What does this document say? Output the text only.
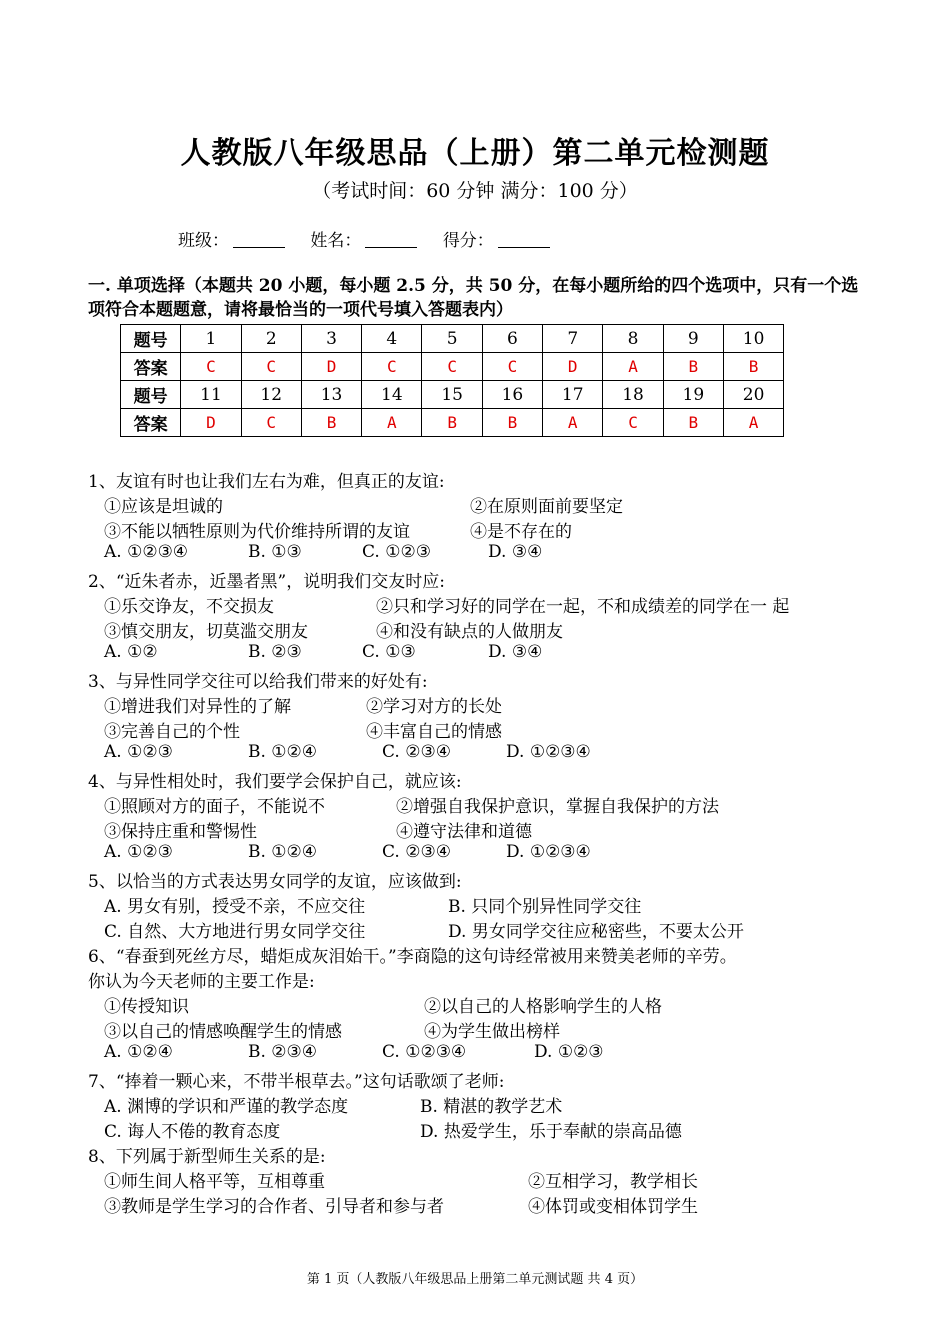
人教版八年级思品（上册）第二单元检测题
（考试时间：60 分钟 满分：100 分）
班级：	姓名：	得分：
一. 单项选择（本题共 20 小题，每小题 2.5 分，共 50 分，在每小题所给的四个选项中，只有一个选项符合本题题意，请将最恰当的一项代号填入答题表内）
题号	1	2	3	4	5	6	7	8	9	10
答案	C	C	D	C	C	C	D	A	B	B
题号	11	12	13	14	15	16	17	18	19	20
答案	D	C	B	A	B	B	A	C	B	A
1、友谊有时也让我们左右为难，但真正的友谊:
①应该是坦诚的	②在原则面前要坚定
③不能以牺牲原则为代价维持所谓的友谊	④是不存在的
A. ①②③④	B. ①③	C. ①②③	D. ③④
2、“近朱者赤，近墨者黑”，说明我们交友时应:
①乐交诤友，不交损友	②只和学习好的同学在一起，不和成绩差的同学在一 起
③慎交朋友，切莫滥交朋友	④和没有缺点的人做朋友
A. ①②	B. ②③	C. ①③	D. ③④
3、与异性同学交往可以给我们带来的好处有:
①增进我们对异性的了解	②学习对方的长处
③完善自己的个性	④丰富自己的情感
A. ①②③	B. ①②④	C. ②③④	D. ①②③④
4、与异性相处时，我们要学会保护自己，就应该:
①照顾对方的面子，不能说不	②增强自我保护意识，掌握自我保护的方法
③保持庄重和警惕性	④遵守法律和道德
A. ①②③	B. ①②④	C. ②③④	D. ①②③④
5、以恰当的方式表达男女同学的友谊，应该做到:
A. 男女有别，授受不亲，不应交往	B. 只同个别异性同学交往
C. 自然、大方地进行男女同学交往	D. 男女同学交往应秘密些，不要太公开
6、“春蚕到死丝方尽，蜡炬成灰泪始干。”李商隐的这句诗经常被用来赞美老师的辛劳。
你认为今天老师的主要工作是:
①传授知识	②以自己的人格影响学生的人格
③以自己的情感唤醒学生的情感	④为学生做出榜样
A. ①②④	B. ②③④	C. ①②③④	D. ①②③
7、“捧着一颗心来，不带半根草去。”这句话歌颂了老师:
A. 渊博的学识和严谨的教学态度	B. 精湛的教学艺术
C. 诲人不倦的教育态度	D. 热爱学生，乐于奉献的崇高品德
8、下列属于新型师生关系的是:
①师生间人格平等，互相尊重	②互相学习，教学相长
③教师是学生学习的合作者、引导者和参与者	④体罚或变相体罚学生
第 1 页（人教版八年级思品上册第二单元测试题 共 4 页）
